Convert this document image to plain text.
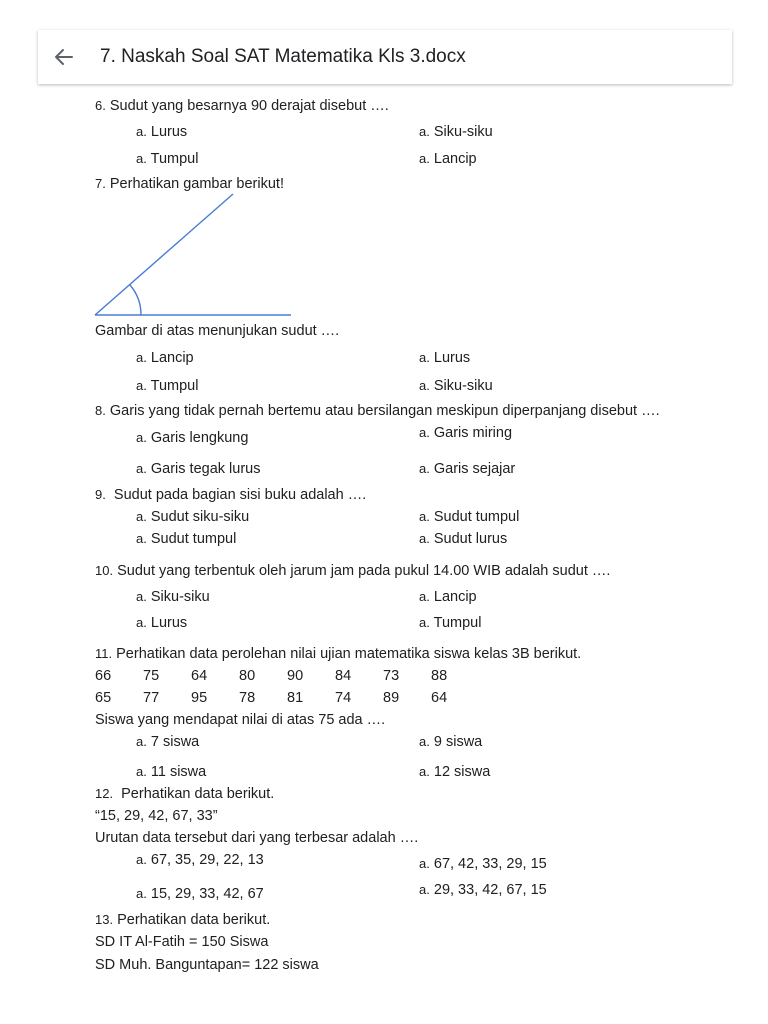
7. Naskah Soal SAT Matematika Kls 3.docx
6. Sudut yang besarnya 90 derajat disebut ….
a. Lurus	a. Siku-siku
a. Tumpul	a. Lancip
7. Perhatikan gambar berikut!
Gambar di atas menunjukan sudut ….
a. Lancip	a. Lurus
a. Tumpul	a. Siku-siku
8. Garis yang tidak pernah bertemu atau bersilangan meskipun diperpanjang disebut ….
a. Garis lengkung	a. Garis miring
a. Garis tegak lurus	a. Garis sejajar
9. Sudut pada bagian sisi buku adalah ….
a. Sudut siku-siku	a. Sudut tumpul
a. Sudut tumpul	a. Sudut lurus
10. Sudut yang terbentuk oleh jarum jam pada pukul 14.00 WIB adalah sudut ….
a. Siku-siku	a. Lancip
a. Lurus	a. Tumpul
11. Perhatikan data perolehan nilai ujian matematika siswa kelas 3B berikut.
66 75 64 80 90 84 73 88
65 77 95 78 81 74 89 64
Siswa yang mendapat nilai di atas 75 ada ….
a. 7 siswa	a. 9 siswa
a. 11 siswa	a. 12 siswa
12. Perhatikan data berikut.
“15, 29, 42, 67, 33”
Urutan data tersebut dari yang terbesar adalah ….
a. 67, 35, 29, 22, 13	a. 67, 42, 33, 29, 15
a. 15, 29, 33, 42, 67	a. 29, 33, 42, 67, 15
13. Perhatikan data berikut.
SD IT Al-Fatih = 150 Siswa
SD Muh. Banguntapan= 122 siswa
